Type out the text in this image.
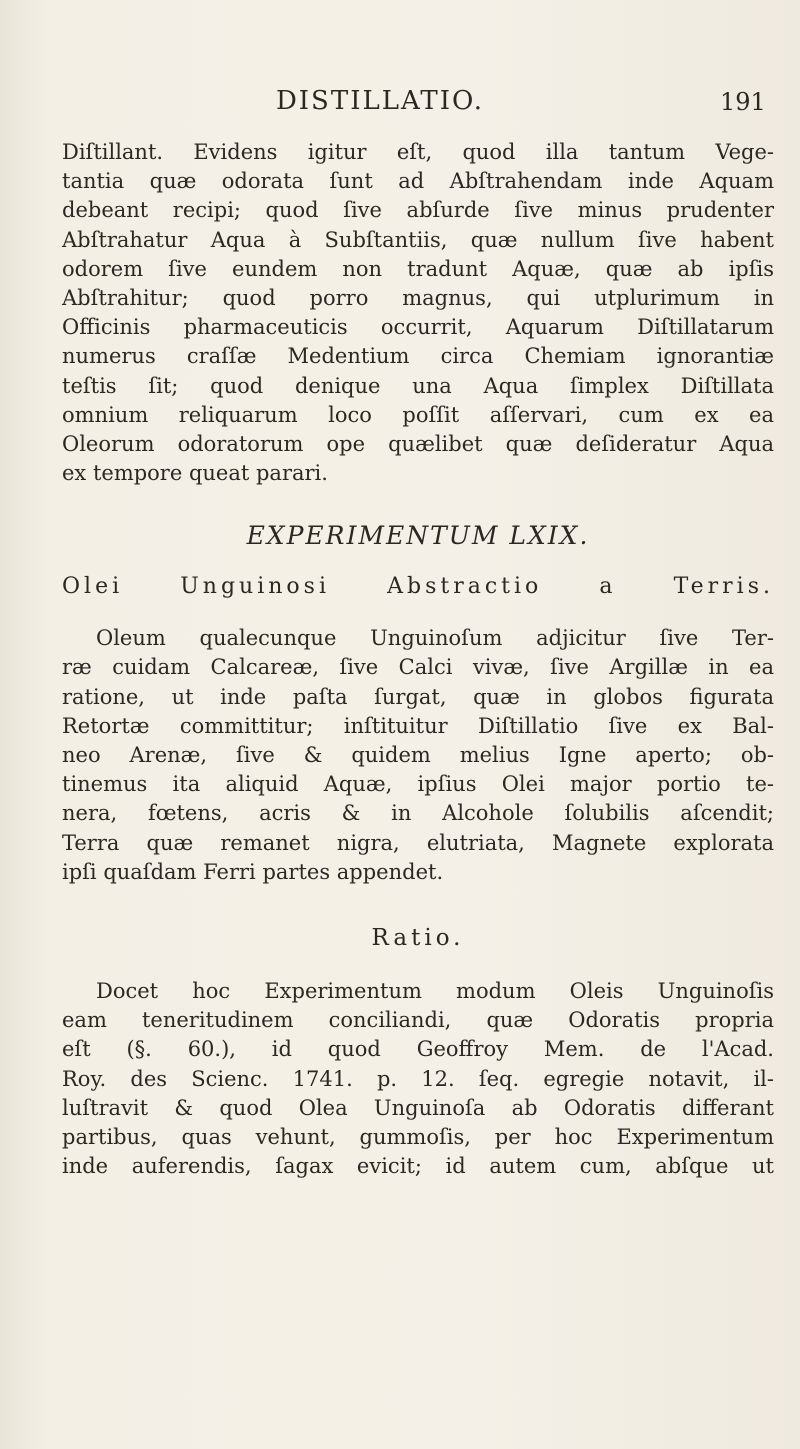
DISTILLATIO.	191
Diſtillant. Evidens igitur eſt, quod illa tantum Vege-
tantia quæ odorata ſunt ad Abſtrahendam inde Aquam
debeant recipi; quod ſive abſurde ſive minus prudenter
Abſtrahatur Aqua à Subſtantiis, quæ nullum ſive habent
odorem ſive eundem non tradunt Aquæ, quæ ab ipſis
Abſtrahitur; quod porro magnus, qui utplurimum in
Officinis pharmaceuticis occurrit, Aquarum Diſtillatarum
numerus craſſæ Medentium circa Chemiam ignorantiæ
teſtis ſit; quod denique una Aqua ſimplex Diſtillata
omnium reliquarum loco poſſit aſſervari, cum ex ea
Oleorum odoratorum ope quælibet quæ deſideratur Aqua
ex tempore queat parari.
EXPERIMENTUM LXIX.
Olei Unguinosi Abstractio a Terris.
Oleum qualecunque Unguinoſum adjicitur ſive Ter-
ræ cuidam Calcareæ, ſive Calci vivæ, ſive Argillæ in ea
ratione, ut inde paſta ſurgat, quæ in globos figurata
Retortæ committitur; inſtituitur Diſtillatio ſive ex Bal-
neo Arenæ, ſive & quidem melius Igne aperto; ob-
tinemus ita aliquid Aquæ, ipſius Olei major portio te-
nera, fœtens, acris & in Alcohole ſolubilis aſcendit;
Terra quæ remanet nigra, elutriata, Magnete explorata
ipſi quaſdam Ferri partes appendet.
Ratio.
Docet hoc Experimentum modum Oleis Unguinoſis
eam teneritudinem conciliandi, quæ Odoratis propria
eſt (§. 60.), id quod Geoffroy Mem. de l'Acad.
Roy. des Scienc. 1741. p. 12. ſeq. egregie notavit, il-
luſtravit & quod Olea Unguinoſa ab Odoratis differant
partibus, quas vehunt, gummoſis, per hoc Experimentum
inde auferendis, ſagax evicit; id autem cum, abſque ut
